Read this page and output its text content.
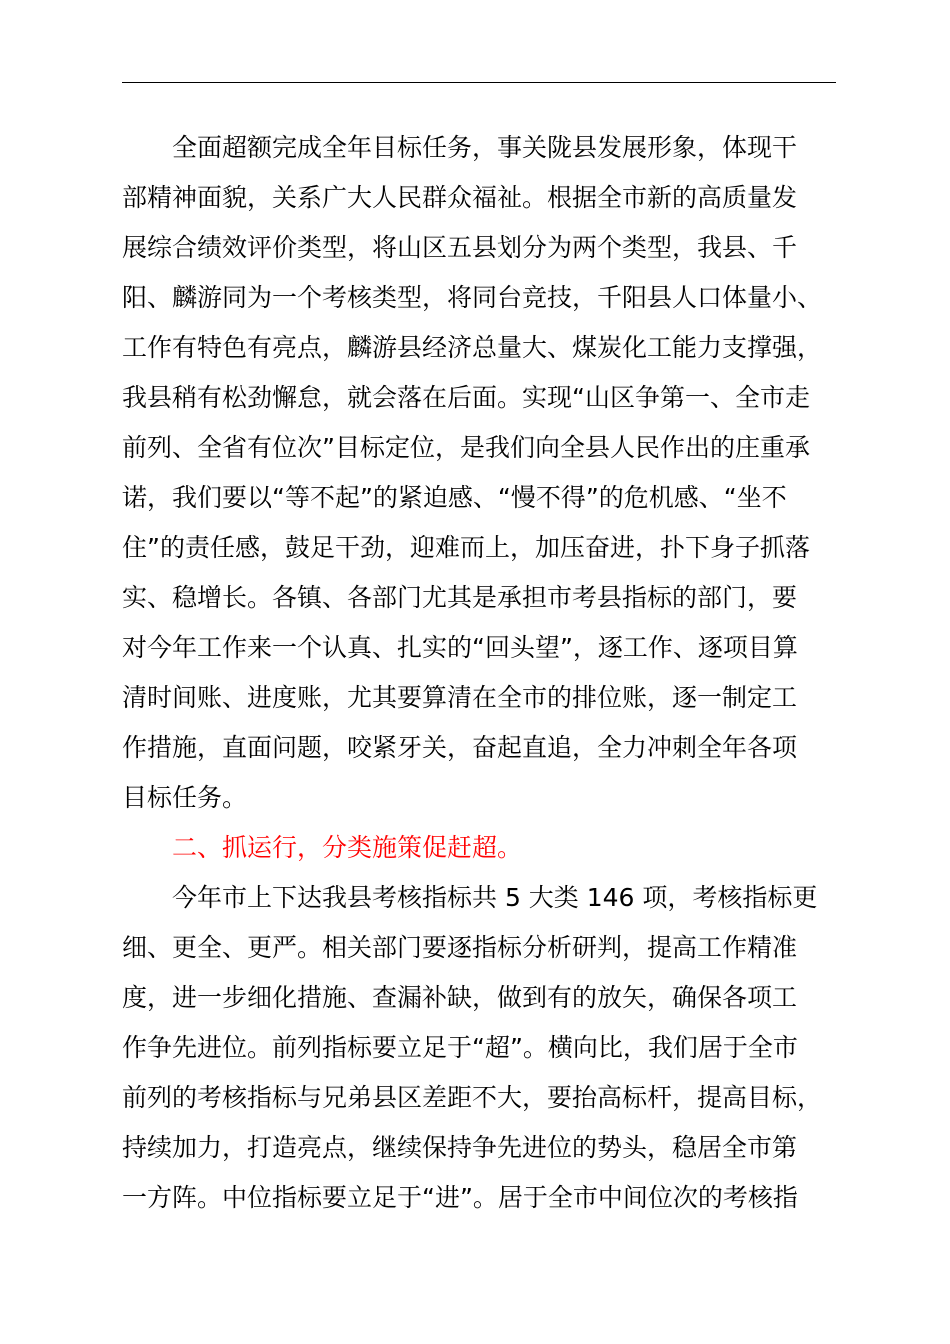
全面超额完成全年目标任务，事关陇县发展形象，体现干
部精神面貌，关系广大人民群众福祉。根据全市新的高质量发
展综合绩效评价类型，将山区五县划分为两个类型，我县、千
阳、麟游同为一个考核类型，将同台竞技，千阳县人口体量小、
工作有特色有亮点，麟游县经济总量大、煤炭化工能力支撑强，
我县稍有松劲懈怠，就会落在后面。实现“山区争第一、全市走
前列、全省有位次”目标定位，是我们向全县人民作出的庄重承
诺，我们要以“等不起”的紧迫感、“慢不得”的危机感、“坐不
住”的责任感，鼓足干劲，迎难而上，加压奋进，扑下身子抓落
实、稳增长。各镇、各部门尤其是承担市考县指标的部门，要
对今年工作来一个认真、扎实的“回头望”，逐工作、逐项目算
清时间账、进度账，尤其要算清在全市的排位账，逐一制定工
作措施，直面问题，咬紧牙关，奋起直追，全力冲刺全年各项
目标任务。
二、抓运行，分类施策促赶超。
今年市上下达我县考核指标共 5 大类 146 项，考核指标更
细、更全、更严。相关部门要逐指标分析研判，提高工作精准
度，进一步细化措施、查漏补缺，做到有的放矢，确保各项工
作争先进位。前列指标要立足于“超”。横向比，我们居于全市
前列的考核指标与兄弟县区差距不大，要抬高标杆，提高目标，
持续加力，打造亮点，继续保持争先进位的势头，稳居全市第
一方阵。中位指标要立足于“进”。居于全市中间位次的考核指
